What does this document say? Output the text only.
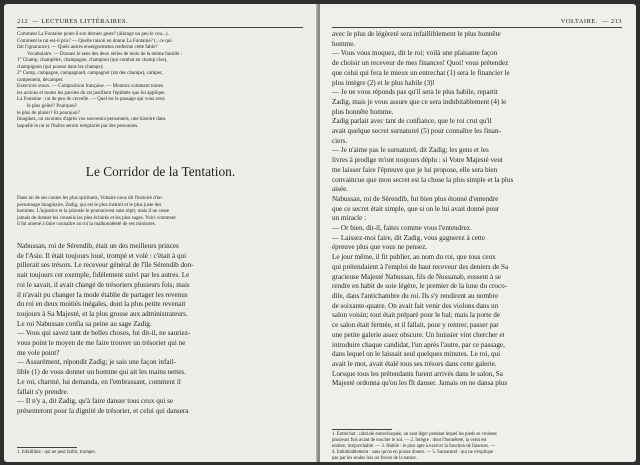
212  — LECTURES LITTÉRAIRES.

Comment La Fontaine peint-il son dernier geste? (allonge un peu le cou...).

Comment le rat est-il pris? — Quelle raison en donne La Fontaine? (...ce qui

fait l'ignorance). — Quels autres enseignements renferme cette fable?

Vocabulaire. — Donnez le sens des deux séries de mots de la même famille :

1° Champ, champêtre, champagne, champion (qui combat en champ clos),

champignon (qui pousse dans les champs);

2° Camp, campagne, campagnard, campagnol (rat des champs), camper,

campement, décamper.

Exercices oraux. — Composition française. — Montrez comment toutes

les actions et toutes les paroles du rat justifient l'épithète que lui applique

La Fontaine : rat de peu de cervelle. — Quel est le passage qui vous avez

le plus goûté? Pourquoi?

le plus de plaisir? Et pourquoi?

Imaginez, ou racontez d'après vos souvenirs personnels, une histoire dans

laquelle le rat et l'huître seront remplacés par des personnes.

Le Corridor de la Tentation.

Dans un de ses contes les plus spirituels, Voltaire nous dit l'histoire d'un

personnage imaginaire, Zadig, qui est le plus instruit et le plus juste des

hommes. L'injustice et la jalousie le poursuivent sans répit; mais il ne cesse

jamais de donner les conseils les plus éclairés et les plus sages. Voici comment

il fut amené à faire connaître au roi la malhonnêteté de ses ministres.

Nabussan, roi de Sérendib, était un des meilleurs princes

de l'Asie. Il était toujours loué, trompé et volé : c'était à qui

pillerait ses trésors. Le receveur général de l'île Sérendib don-

nait toujours cet exemple, fidèlement suivi par les autres. Le

roi le savait, il avait changé de trésoriers plusieurs fois; mais

il n'avait pu changer la mode établie de partager les revenus

du roi en deux moitiés inégales, dont la plus petite revenait

toujours à Sa Majesté, et la plus grosse aux administrateurs.

Le roi Nabussan confia sa peine au sage Zadig.

— Vous qui savez tant de belles choses, lui dit-il, ne sauriez-

vous point le moyen de me faire trouver un trésorier qui ne

me vole point?

— Assurément, répondit Zadig; je sais une façon infail-

lible (1) de vous donner un homme qui ait les mains nettes.

Le roi, charmé, lui demanda, en l'embrassant, comment il

fallait s'y prendre.

— Il n'y a, dit Zadig, qu'à faire danser tous ceux qui se

présenteront pour la dignité de trésorier, et celui qui dansera

1. Infaillible : qui ne peut faillir, tromper.
VOLTAIRE.  — 213

avec le plus de légèreté sera infailliblement le plus honnête

homme.

— Vous vous moquez, dit le roi; voilà une plaisante façon

de choisir un receveur de mes finances! Quoi! vous prétendez

que celui qui fera le mieux un entrechat (1) sera le financier le

plus intègre (2) et le plus habile (3)!

— Je ne vous réponds pas qu'il sera le plus habile, repartit

Zadig, mais je vous assure que ce sera indubitablement (4) le

plus honnête homme.

Zadig parlait avec tant de confiance, que le roi crut qu'il

avait quelque secret surnaturel (5) pour connaître les finan-

ciers.

— Je n'aime pas le surnaturel, dit Zadig; les gens et les

livres à prodige m'ont toujours déplu : si Votre Majesté veut

me laisser faire l'épreuve que je lui propose, elle sera bien

convaincue que mon secret est la chose la plus simple et la plus

aisée.

Nabussan, roi de Sérendib, fut bien plus étonné d'entendre

que ce secret était simple, que si on le lui avait donné pour

un miracle :

— Or bien, dit-il, faites comme vous l'entendrez.

— Laissez-moi faire, dit Zadig, vous gagnerez à cette

épreuve plus que vous ne pensez.

Le jour même, il fit publier, au nom du roi, que tous ceux

qui prétendaient à l'emploi de haut receveur des deniers de Sa

gracieuse Majesté Nabussan, fils de Nussanab, eussent à se

rendre en habit de soie légère, le premier de la lune du croco-

dile, dans l'antichambre du roi. Ils s'y rendirent au nombre

de soixante-quatre. On avait fait venir des violons dans un

salon voisin; tout était préparé pour le bal; mais la porte de

ce salon était fermée, et il fallait, pour y rentrer, passer par

une petite galerie assez obscure. Un huissier vint chercher et

introduire chaque candidat, l'un après l'autre, par ce passage,

dans lequel on le laissait seul quelques minutes. Le roi, qui

avait le mot, avait étalé tous ses trésors dans cette galerie.

Lorsque tous les prétendants furent arrivés dans le salon, Sa

Majesté ordonna qu'on les fît danser. Jamais on ne dansa plus

1. Entrechat : cabriole entrechoquée, un saut léger pendant lequel les pieds se croisent

plusieurs fois avant de toucher le sol. — 2. Intègre : dont l'honnêteté, la vertu est

entière, irréprochable. — 3. Habile : le plus apte à exercer la fonction de finances. —

4. Indubitablement : sans qu'on en puisse douter. — 5. Surnaturel : qui ne s'explique

pas par les seules lois ou forces de la nature.
